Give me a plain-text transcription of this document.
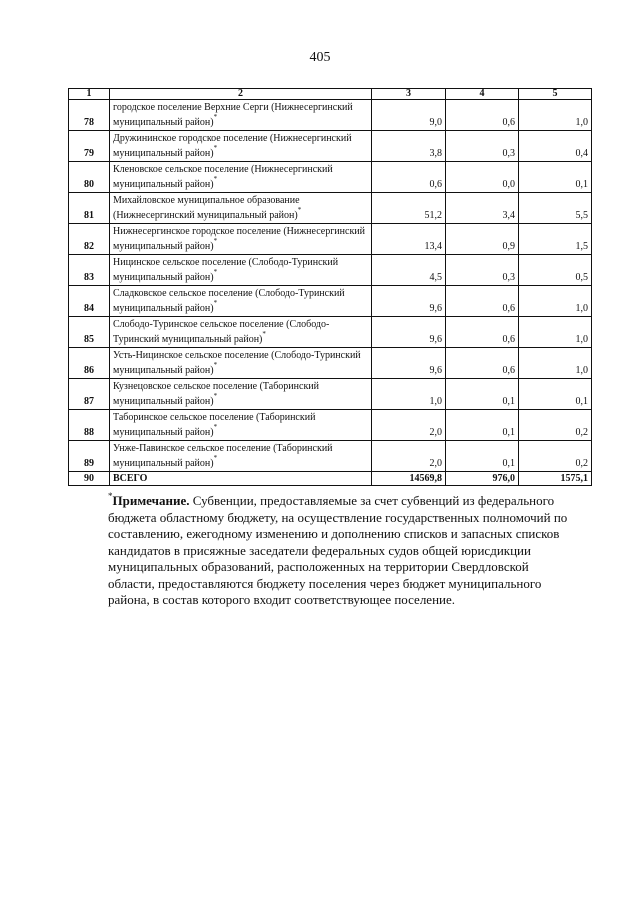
405
1	2	3	4	5
78	городское поселение Верхние Серги (Нижнесергинский
муниципальный район)*	9,0	0,6	1,0
79	Дружининское городское поселение (Нижнесергинский
муниципальный район)*	3,8	0,3	0,4
80	Кленовское сельское поселение (Нижнесергинский
муниципальный район)*	0,6	0,0	0,1
81	Михайловское муниципальное образование
(Нижнесергинский муниципальный район)*	51,2	3,4	5,5
82	Нижнесергинское городское поселение (Нижнесергинский
муниципальный район)*	13,4	0,9	1,5
83	Ницинское сельское поселение (Слободо-Туринский
муниципальный район)*	4,5	0,3	0,5
84	Сладковское сельское поселение (Слободо-Туринский
муниципальный район)*	9,6	0,6	1,0
85	Слободо-Туринское сельское поселение (Слободо-
Туринский муниципальный район)*	9,6	0,6	1,0
86	Усть-Ницинское сельское поселение (Слободо-Туринский
муниципальный район)*	9,6	0,6	1,0
87	Кузнецовское сельское поселение (Таборинский
муниципальный район)*	1,0	0,1	0,1
88	Таборинское сельское поселение (Таборинский
муниципальный район)*	2,0	0,1	0,2
89	Унже-Павинское сельское поселение (Таборинский
муниципальный район)*	2,0	0,1	0,2
90	ВСЕГО	14569,8	976,0	1575,1
*Примечание. Субвенции, предоставляемые за счет субвенций из федерального бюджета областному бюджету, на осуществление государственных полномочий по составлению, ежегодному изменению и дополнению списков и запасных списков кандидатов в присяжные заседатели федеральных судов общей юрисдикции муниципальных образований, расположенных на территории Свердловской области, предоставляются бюджету поселения через бюджет муниципального района, в состав которого входит соответствующее поселение.
